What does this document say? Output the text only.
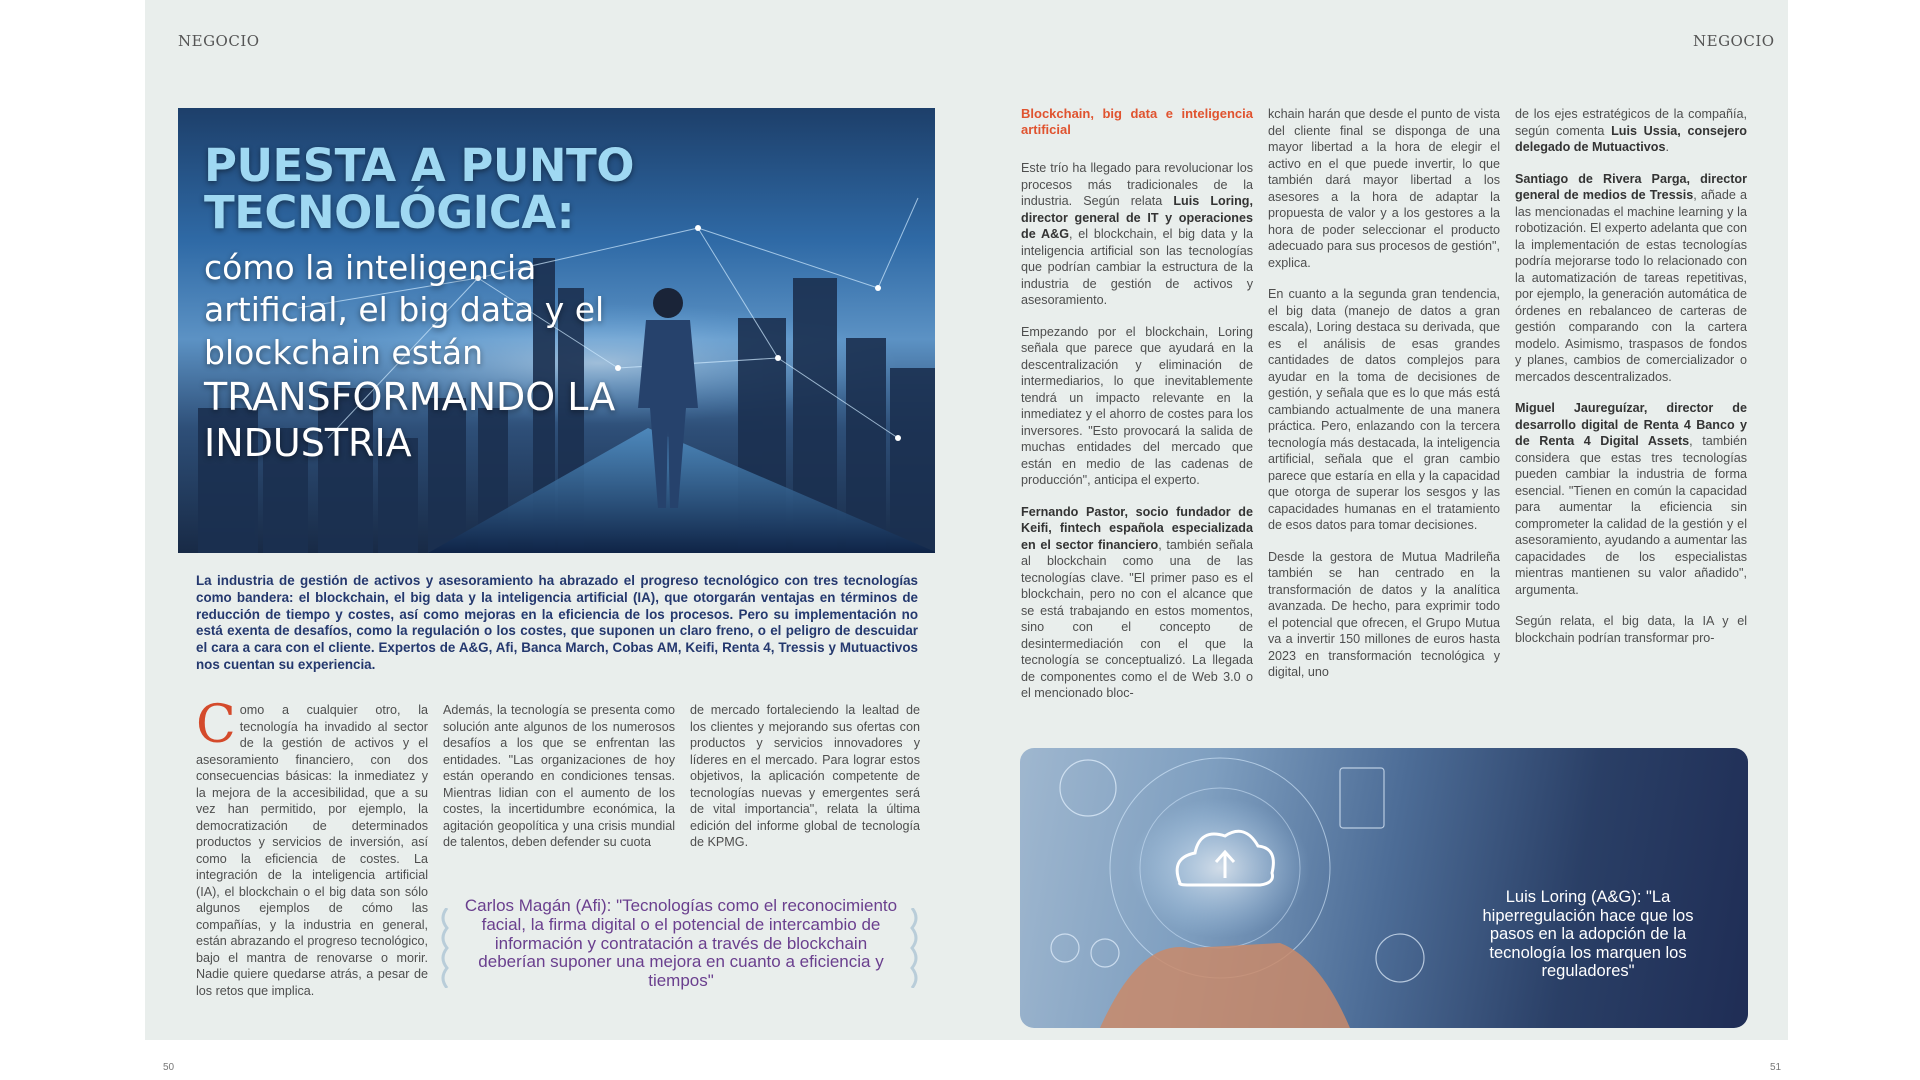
NEGOCIO	NEGOCIO
50	51
PUESTA A PUNTO TECNOLÓGICA:
cómo la inteligencia artificial, el big data y el blockchain están
TRANSFORMANDO LA INDUSTRIA
La industria de gestión de activos y asesoramiento ha abrazado el progreso tecnológico con tres tecnologías como bandera: el blockchain, el big data y la inteligencia artificial (IA), que otorgarán ventajas en términos de reducción de tiempo y costes, así como mejoras en la eficiencia de los procesos. Pero su implementación no está exenta de desafíos, como la regulación o los costes, que suponen un claro freno, o el peligro de descuidar el cara a cara con el cliente. Expertos de A&G, Afi, Banca March, Cobas AM, Keifi, Renta 4, Tressis y Mutuactivos nos cuentan su experiencia.
Como a cualquier otro, la tecnología ha invadido al sector de la gestión de activos y el asesoramiento financiero, con dos consecuencias básicas: la inmediatez y la mejora de la accesibilidad, que a su vez han permitido, por ejemplo, la democratización de determinados productos y servicios de inversión, así como la eficiencia de costes. La integración de la inteligencia artificial (IA), el blockchain o el big data son sólo algunos ejemplos de cómo las compañías, y la industria en general, están abrazando el progreso tecnológico, bajo el mantra de renovarse o morir. Nadie quiere quedarse atrás, a pesar de los retos que implica.
Además, la tecnología se presenta como solución ante algunos de los numerosos desafíos a los que se enfrentan las entidades. "Las organizaciones de hoy están operando en condiciones tensas. Mientras lidian con el aumento de los costes, la incertidumbre económica, la agitación geopolítica y una crisis mundial de talentos, deben defender su cuota
de mercado fortaleciendo la lealtad de los clientes y mejorando sus ofertas con productos y servicios innovadores y líderes en el mercado. Para lograr estos objetivos, la aplicación competente de tecnologías nuevas y emergentes será de vital importancia", relata la última edición del informe global de tecnología de KPMG.
Carlos Magán (Afi): "Tecnologías como el reconocimiento facial, la firma digital o el potencial de intercambio de información y contratación a través de blockchain deberían suponer una mejora en cuanto a eficiencia y tiempos"
Blockchain, big data e inteligencia artificial

Este trío ha llegado para revolucionar los procesos más tradicionales de la industria. Según relata Luis Loring, director general de IT y operaciones de A&G, el blockchain, el big data y la inteligencia artificial son las tecnologías que podrían cambiar la estructura de la industria de gestión de activos y asesoramiento.

Empezando por el blockchain, Loring señala que parece que ayudará en la descentralización y eliminación de intermediarios, lo que inevitablemente tendrá un impacto relevante en la inmediatez y el ahorro de costes para los inversores. "Esto provocará la salida de muchas entidades del mercado que están en medio de las cadenas de producción", anticipa el experto.

Fernando Pastor, socio fundador de Keifi, fintech española especializada en el sector financiero, también señala al blockchain como una de las tecnologías clave. "El primer paso es el blockchain, pero no con el alcance que se está trabajando en estos momentos, sino con el concepto de desintermediación con el que la tecnología se conceptualizó. La llegada de componentes como el de Web 3.0 o el mencionado bloc-

kchain harán que desde el punto de vista del cliente final se disponga de una mayor libertad a la hora de elegir el activo en el que puede invertir, lo que también dará mayor libertad a los asesores a la hora de adaptar la propuesta de valor y a los gestores a la hora de poder seleccionar el producto adecuado para sus procesos de gestión", explica.

En cuanto a la segunda gran tendencia, el big data (manejo de datos a gran escala), Loring destaca su derivada, que es el análisis de esas grandes cantidades de datos complejos para ayudar en la toma de decisiones de gestión, y señala que es lo que más está cambiando actualmente de una manera práctica. Pero, enlazando con la tercera tecnología más destacada, la inteligencia artificial, señala que el gran cambio parece que estaría en ella y la capacidad que otorga de superar los sesgos y las capacidades humanas en el tratamiento de esos datos para tomar decisiones.

Desde la gestora de Mutua Madrileña también se han centrado en la transformación de datos y la analítica avanzada. De hecho, para exprimir todo el potencial que ofrecen, el Grupo Mutua va a invertir 150 millones de euros hasta 2023 en transformación tecnológica y digital, uno

de los ejes estratégicos de la compañía, según comenta Luis Ussia, consejero delegado de Mutuactivos.

Santiago de Rivera Parga, director general de medios de Tressis, añade a las mencionadas el machine learning y la robotización. El experto adelanta que con la implementación de estas tecnologías podría mejorarse todo lo relacionado con la automatización de tareas repetitivas, por ejemplo, la generación automática de órdenes en rebalanceo de carteras de gestión comparando con la cartera modelo. Asimismo, traspasos de fondos y planes, cambios de comercializador o mercados descentralizados.

Miguel Jaureguízar, director de desarrollo digital de Renta 4 Banco y de Renta 4 Digital Assets, también considera que estas tres tecnologías pueden cambiar la industria de forma esencial. "Tienen en común la capacidad para aumentar la eficiencia sin comprometer la calidad de la gestión y el asesoramiento, ayudando a aumentar las capacidades de los especialistas mientras mantienen su valor añadido", argumenta.

Según relata, el big data, la IA y el blockchain podrían transformar pro-

Luis Loring (A&G): "La hiperregulación hace que los pasos en la adopción de la tecnología los marquen los reguladores"
